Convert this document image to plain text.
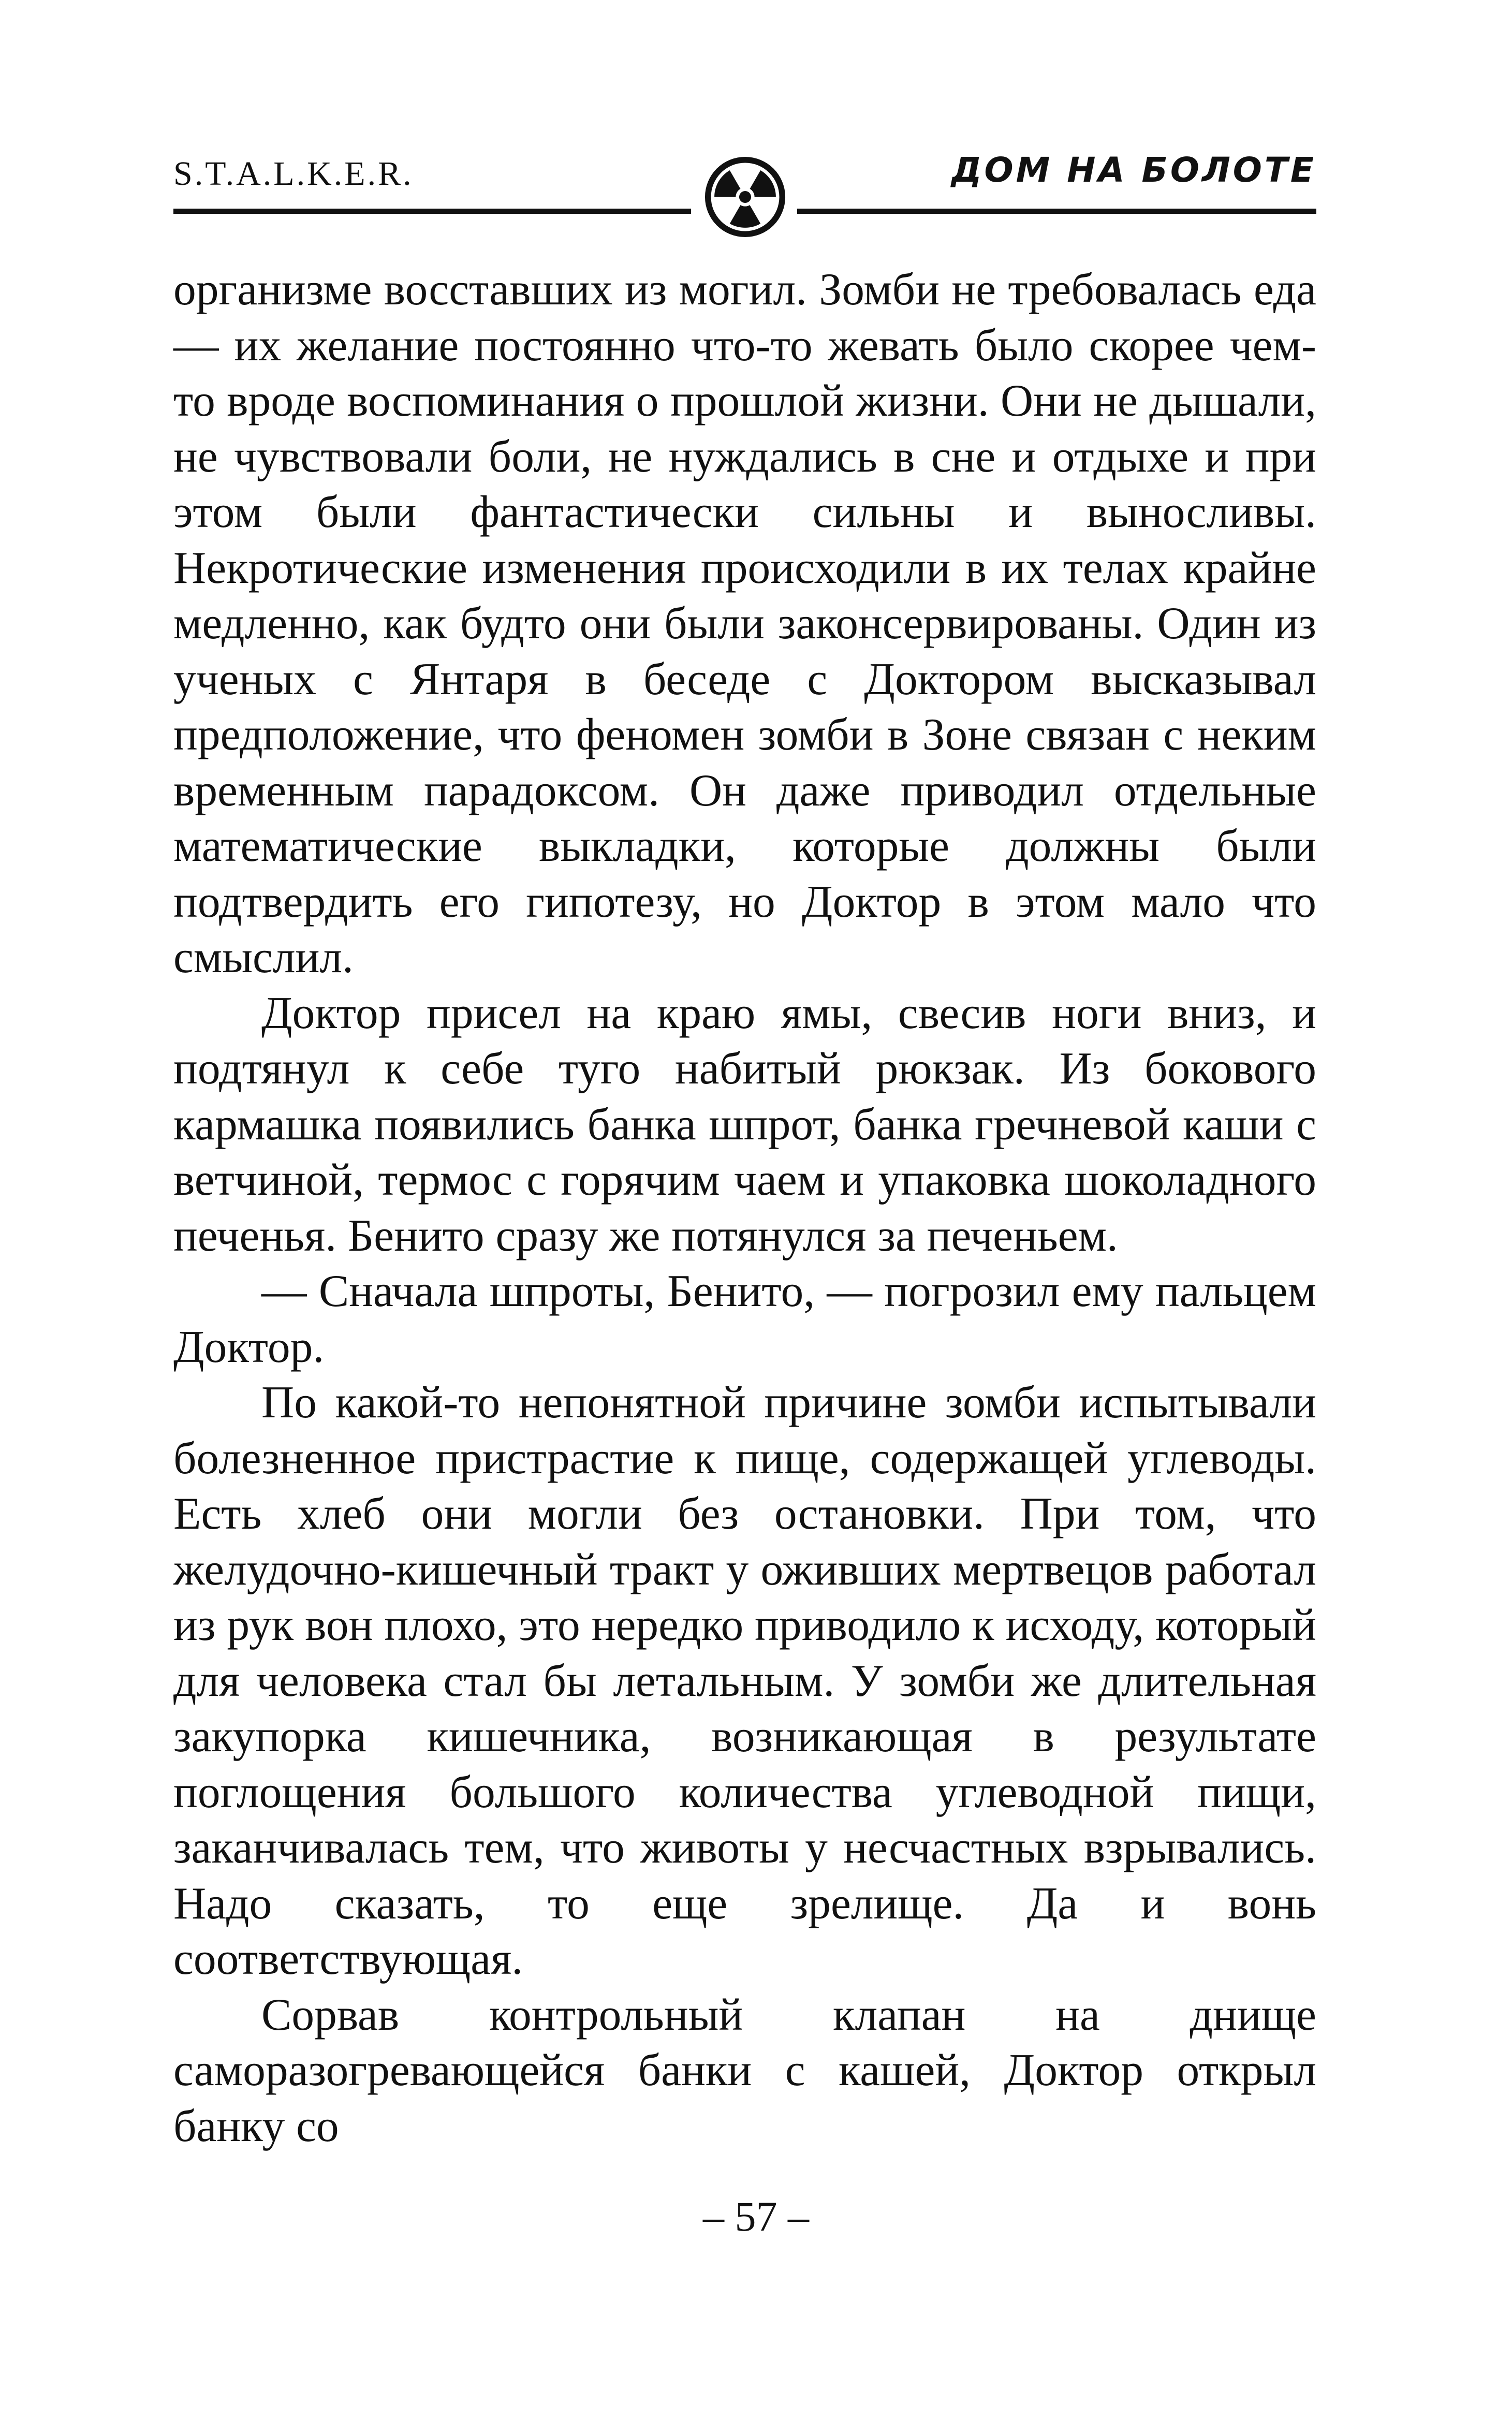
S.T.A.L.K.E.R.	ДОМ НА БОЛОТЕ

организме восставших из могил. Зомби не требовалась еда — их желание постоянно что-то жевать было скорее чем-то вроде воспоминания о прошлой жизни. Они не дышали, не чувствовали боли, не нуждались в сне и отдыхе и при этом были фантастически сильны и выносливы. Некротические изменения происходили в их телах крайне медленно, как будто они были законсервированы. Один из ученых с Янтаря в беседе с Доктором высказывал предположение, что феномен зомби в Зоне связан с неким временным парадоксом. Он даже приводил отдельные математические выкладки, которые должны были подтвердить его гипотезу, но Доктор в этом мало что смыслил.

Доктор присел на краю ямы, свесив ноги вниз, и подтянул к себе туго набитый рюкзак. Из бокового кармашка появились банка шпрот, банка гречневой каши с ветчиной, термос с горячим чаем и упаковка шоколадного печенья. Бенито сразу же потянулся за печеньем.

— Сначала шпроты, Бенито, — погрозил ему пальцем Доктор.

По какой-то непонятной причине зомби испытывали болезненное пристрастие к пище, содержащей углеводы. Есть хлеб они могли без остановки. При том, что желудочно-кишечный тракт у оживших мертвецов работал из рук вон плохо, это нередко приводило к исходу, который для человека стал бы летальным. У зомби же длительная закупорка кишечника, возникающая в результате поглощения большого количества углеводной пищи, заканчивалась тем, что животы у несчастных взрывались. Надо сказать, то еще зрелище. Да и вонь соответствующая.

Сорвав контрольный клапан на днище саморазогревающейся банки с кашей, Доктор открыл банку со

– 57 –
